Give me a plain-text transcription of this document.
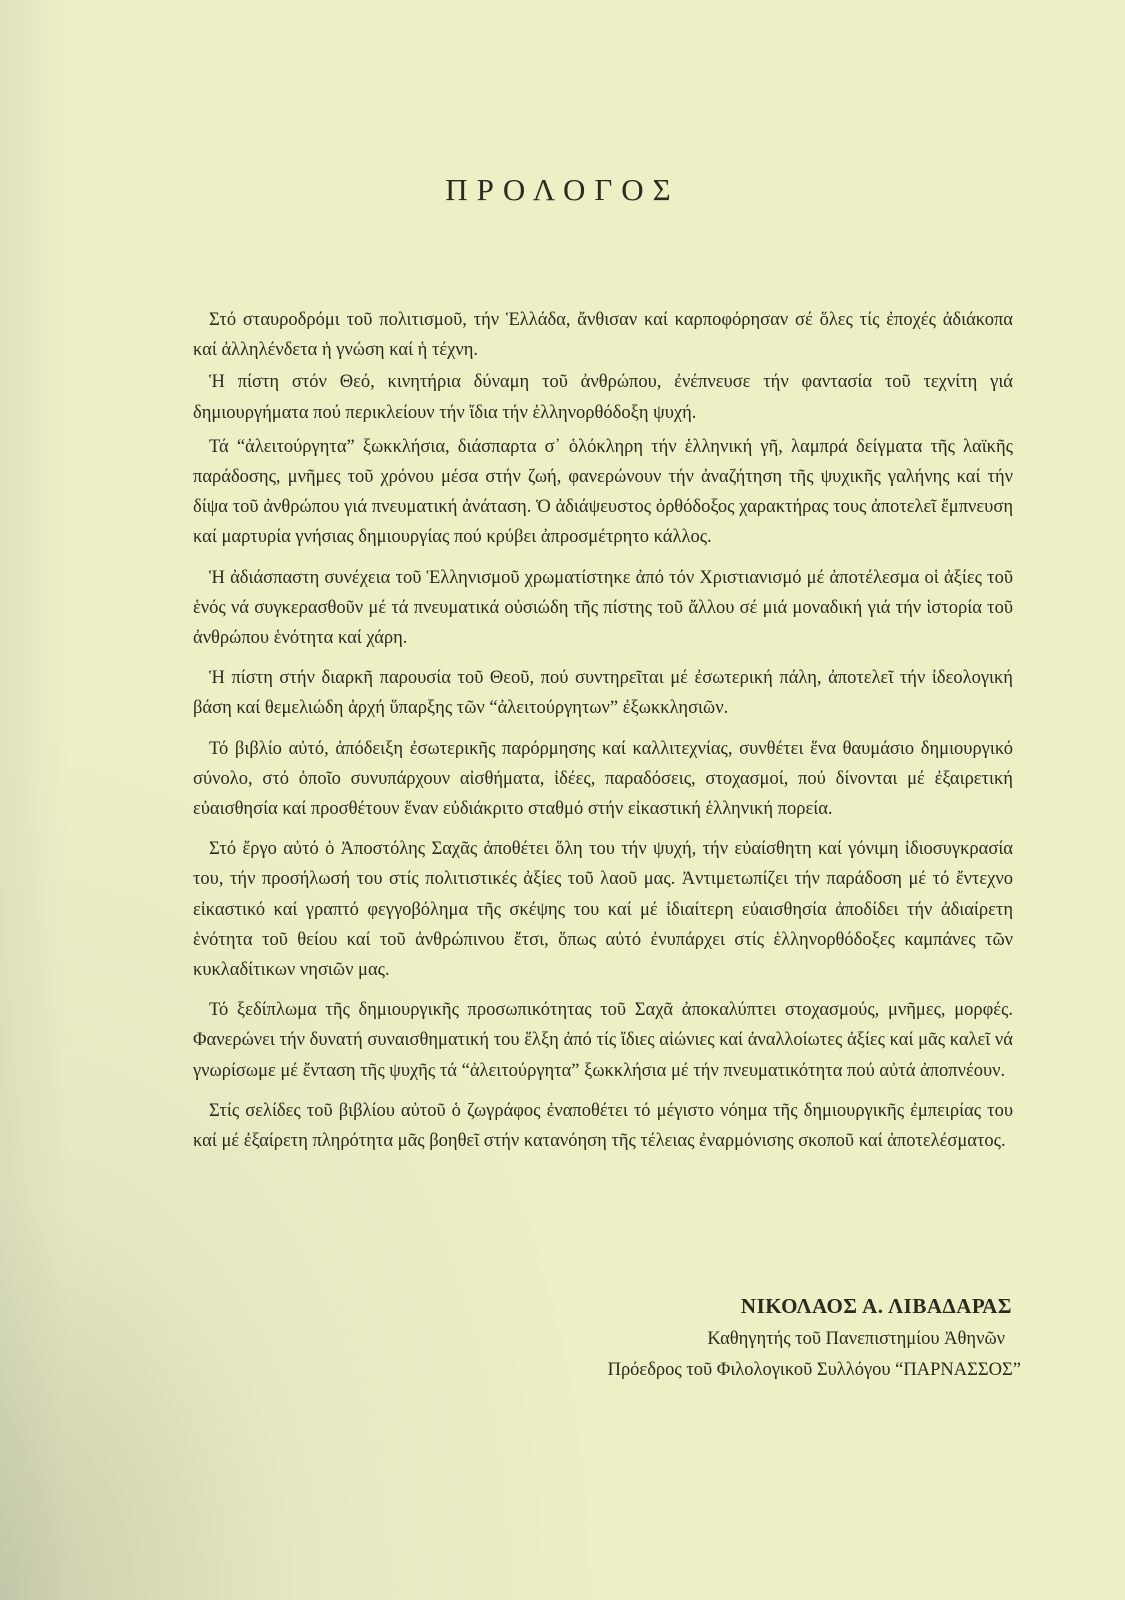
ΠΡΟΛΟΓΟΣ

Στό σταυροδρόμι τοῦ πολιτισμοῦ, τήν Ἑλλάδα, ἄνθισαν καί καρποφόρησαν σέ ὅλες τίς ἐποχές ἀδιάκοπα καί ἀλληλένδετα ἡ γνώση καί ἡ τέχνη.

Ἡ πίστη στόν Θεό, κινητήρια δύναμη τοῦ ἀνθρώπου, ἐνέπνευσε τήν φαντασία τοῦ τεχνίτη γιά δημιουργήματα πού περικλείουν τήν ἴδια τήν ἑλληνορθόδοξη ψυχή.

Τά “ἀλειτούργητα” ξωκκλήσια, διάσπαρτα σ᾿ ὁλόκληρη τήν ἑλληνική γῆ, λαμπρά δείγματα τῆς λαϊκῆς παράδοσης, μνῆμες τοῦ χρόνου μέσα στήν ζωή, φανερώνουν τήν ἀναζήτηση τῆς ψυχικῆς γαλήνης καί τήν δίψα τοῦ ἀνθρώπου γιά πνευματική ἀνάταση. Ὁ ἀδιάψευστος ὀρθόδοξος χαρακτήρας τους ἀποτελεῖ ἔμπνευση καί μαρτυρία γνήσιας δημιουργίας πού κρύβει ἀπροσμέτρητο κάλλος.

Ἡ ἀδιάσπαστη συνέχεια τοῦ Ἑλληνισμοῦ χρωματίστηκε ἀπό τόν Χριστιανισμό μέ ἀποτέλεσμα οἱ ἀξίες τοῦ ἑνός νά συγκερασθοῦν μέ τά πνευματικά οὐσιώδη τῆς πίστης τοῦ ἄλλου σέ μιά μοναδική γιά τήν ἱστορία τοῦ ἀνθρώπου ἑνότητα καί χάρη.

Ἡ πίστη στήν διαρκῆ παρουσία τοῦ Θεοῦ, πού συντηρεῖται μέ ἐσωτερική πάλη, ἀποτελεῖ τήν ἰδεολογική βάση καί θεμελιώδη ἀρχή ὕπαρξης τῶν “ἀλειτούργητων” ἐξωκκλησιῶν.

Τό βιβλίο αὐτό, ἀπόδειξη ἐσωτερικῆς παρόρμησης καί καλλιτεχνίας, συνθέτει ἕνα θαυμάσιο δημιουργικό σύνολο, στό ὁποῖο συνυπάρχουν αἰσθήματα, ἰδέες, παραδόσεις, στοχασμοί, πού δίνονται μέ ἐξαιρετική εὐαισθησία καί προσθέτουν ἕναν εὐδιάκριτο σταθμό στήν εἰκαστική ἑλληνική πορεία.

Στό ἔργο αὐτό ὁ Ἀποστόλης Σαχᾶς ἀποθέτει ὅλη του τήν ψυχή, τήν εὐαίσθητη καί γόνιμη ἰδιοσυγκρασία του, τήν προσήλωσή του στίς πολιτιστικές ἀξίες τοῦ λαοῦ μας. Ἀντιμετωπίζει τήν παράδοση μέ τό ἔντεχνο εἰκαστικό καί γραπτό φεγγοβόλημα τῆς σκέψης του καί μέ ἰδιαίτερη εὐαισθησία ἀποδίδει τήν ἀδιαίρετη ἑνότητα τοῦ θείου καί τοῦ ἀνθρώπινου ἔτσι, ὅπως αὐτό ἐνυπάρχει στίς ἑλληνορθόδοξες καμπάνες τῶν κυκλαδίτικων νησιῶν μας.

Τό ξεδίπλωμα τῆς δημιουργικῆς προσωπικότητας τοῦ Σαχᾶ ἀποκαλύπτει στοχασμούς, μνῆμες, μορφές. Φανερώνει τήν δυνατή συναισθηματική του ἕλξη ἀπό τίς ἴδιες αἰώνιες καί ἀναλλοίωτες ἀξίες καί μᾶς καλεῖ νά γνωρίσωμε μέ ἔνταση τῆς ψυχῆς τά “ἀλειτούργητα” ξωκκλήσια μέ τήν πνευματικότητα πού αὐτά ἀποπνέουν.

Στίς σελίδες τοῦ βιβλίου αὐτοῦ ὁ ζωγράφος ἐναποθέτει τό μέγιστο νόημα τῆς δημιουργικῆς ἐμπειρίας του καί μέ ἐξαίρετη πληρότητα μᾶς βοηθεῖ στήν κατανόηση τῆς τέλειας ἐναρμόνισης σκοποῦ καί ἀποτελέσματος.

ΝΙΚΟΛΑΟΣ Α. ΛΙΒΑΔΑΡΑΣ
Καθηγητής τοῦ Πανεπιστημίου Ἀθηνῶν
Πρόεδρος τοῦ Φιλολογικοῦ Συλλόγου “ΠΑΡΝΑΣΣΟΣ”
